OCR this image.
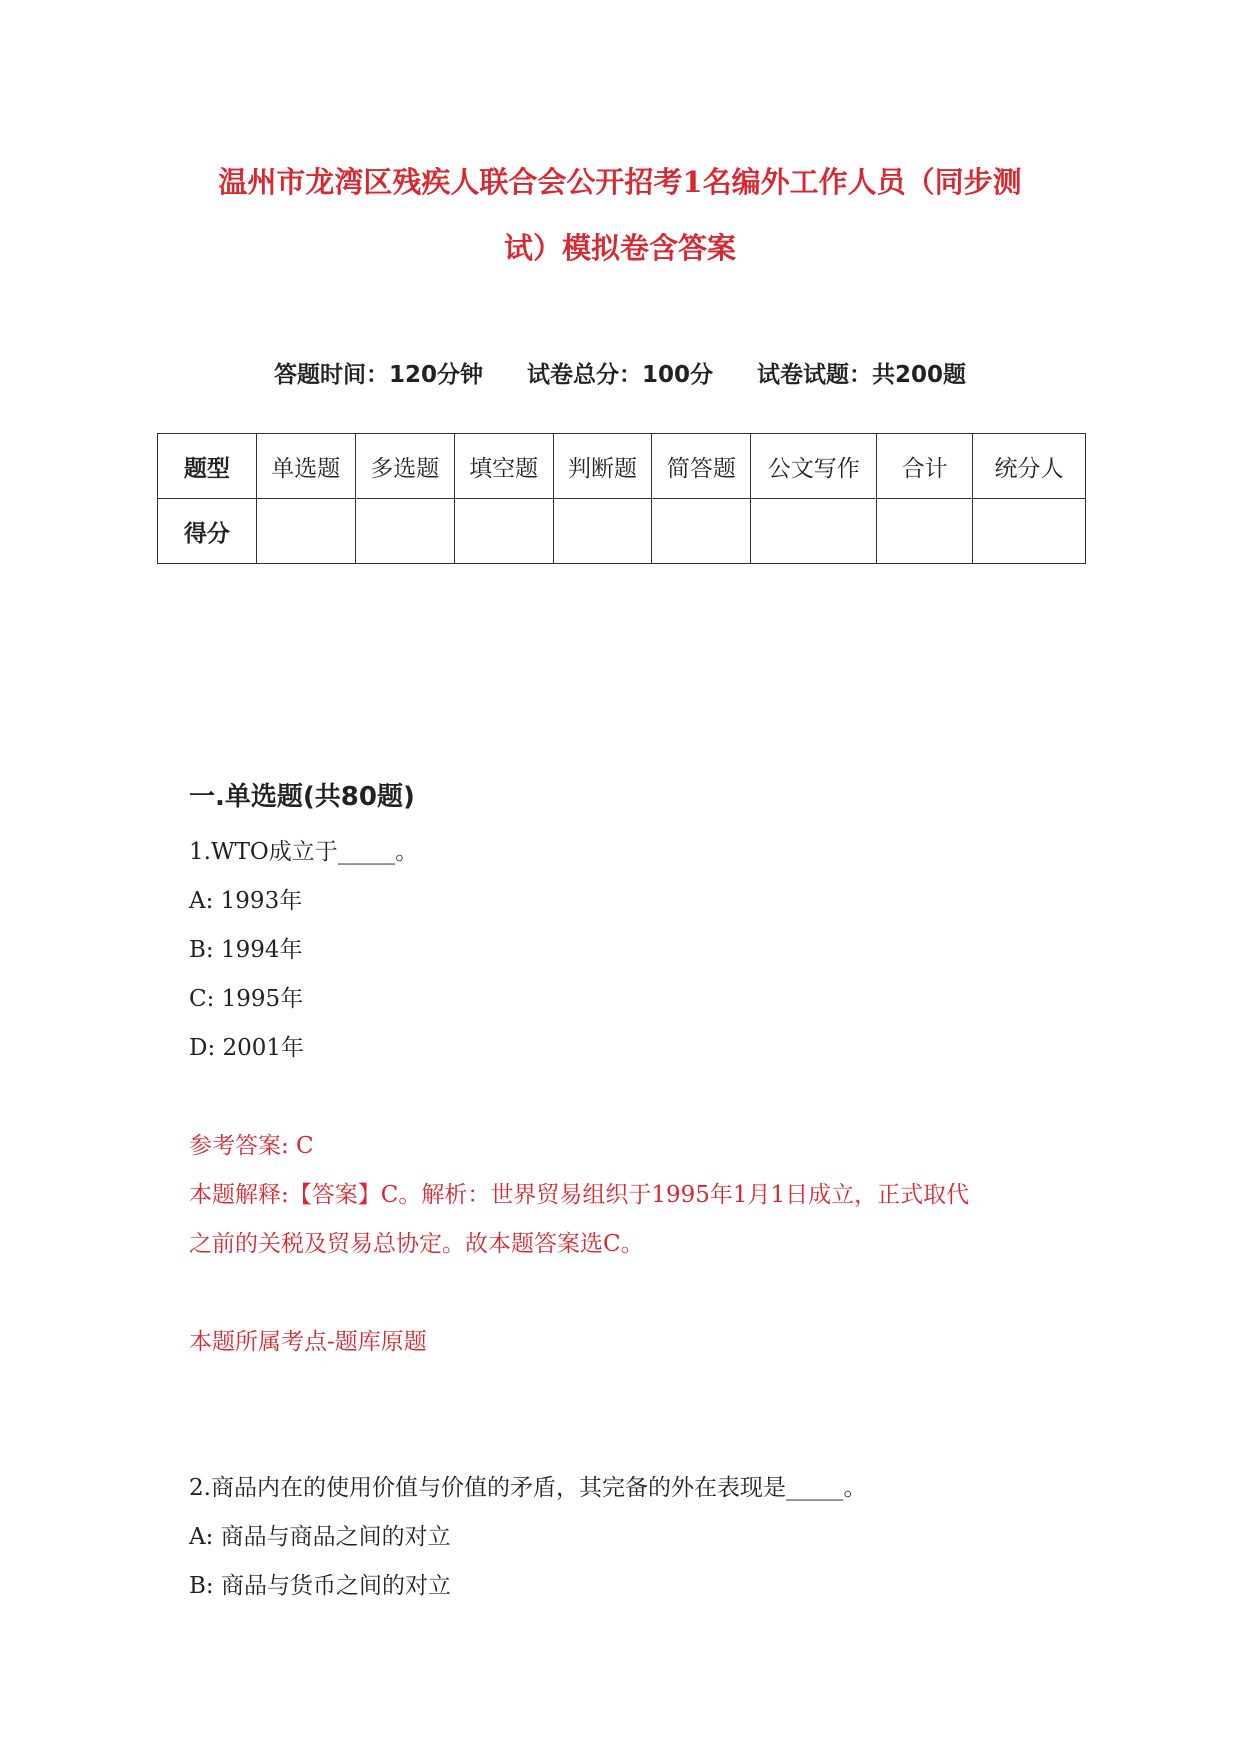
温州市龙湾区残疾人联合会公开招考1名编外工作人员（同步测
试）模拟卷含答案
答题时间：120分钟 试卷总分：100分 试卷试题：共200题
题型	单选题	多选题	填空题	判断题	简答题	公文写作	合计	统分人
得分								
一.单选题(共80题)
1.WTO成立于_____。
A: 1993年
B: 1994年
C: 1995年
D: 2001年
参考答案: C
本题解释:【答案】C。解析：世界贸易组织于1995年1月1日成立，正式取代
之前的关税及贸易总协定。故本题答案选C。
本题所属考点-题库原题
2.商品内在的使用价值与价值的矛盾，其完备的外在表现是_____。
A: 商品与商品之间的对立
B: 商品与货币之间的对立
